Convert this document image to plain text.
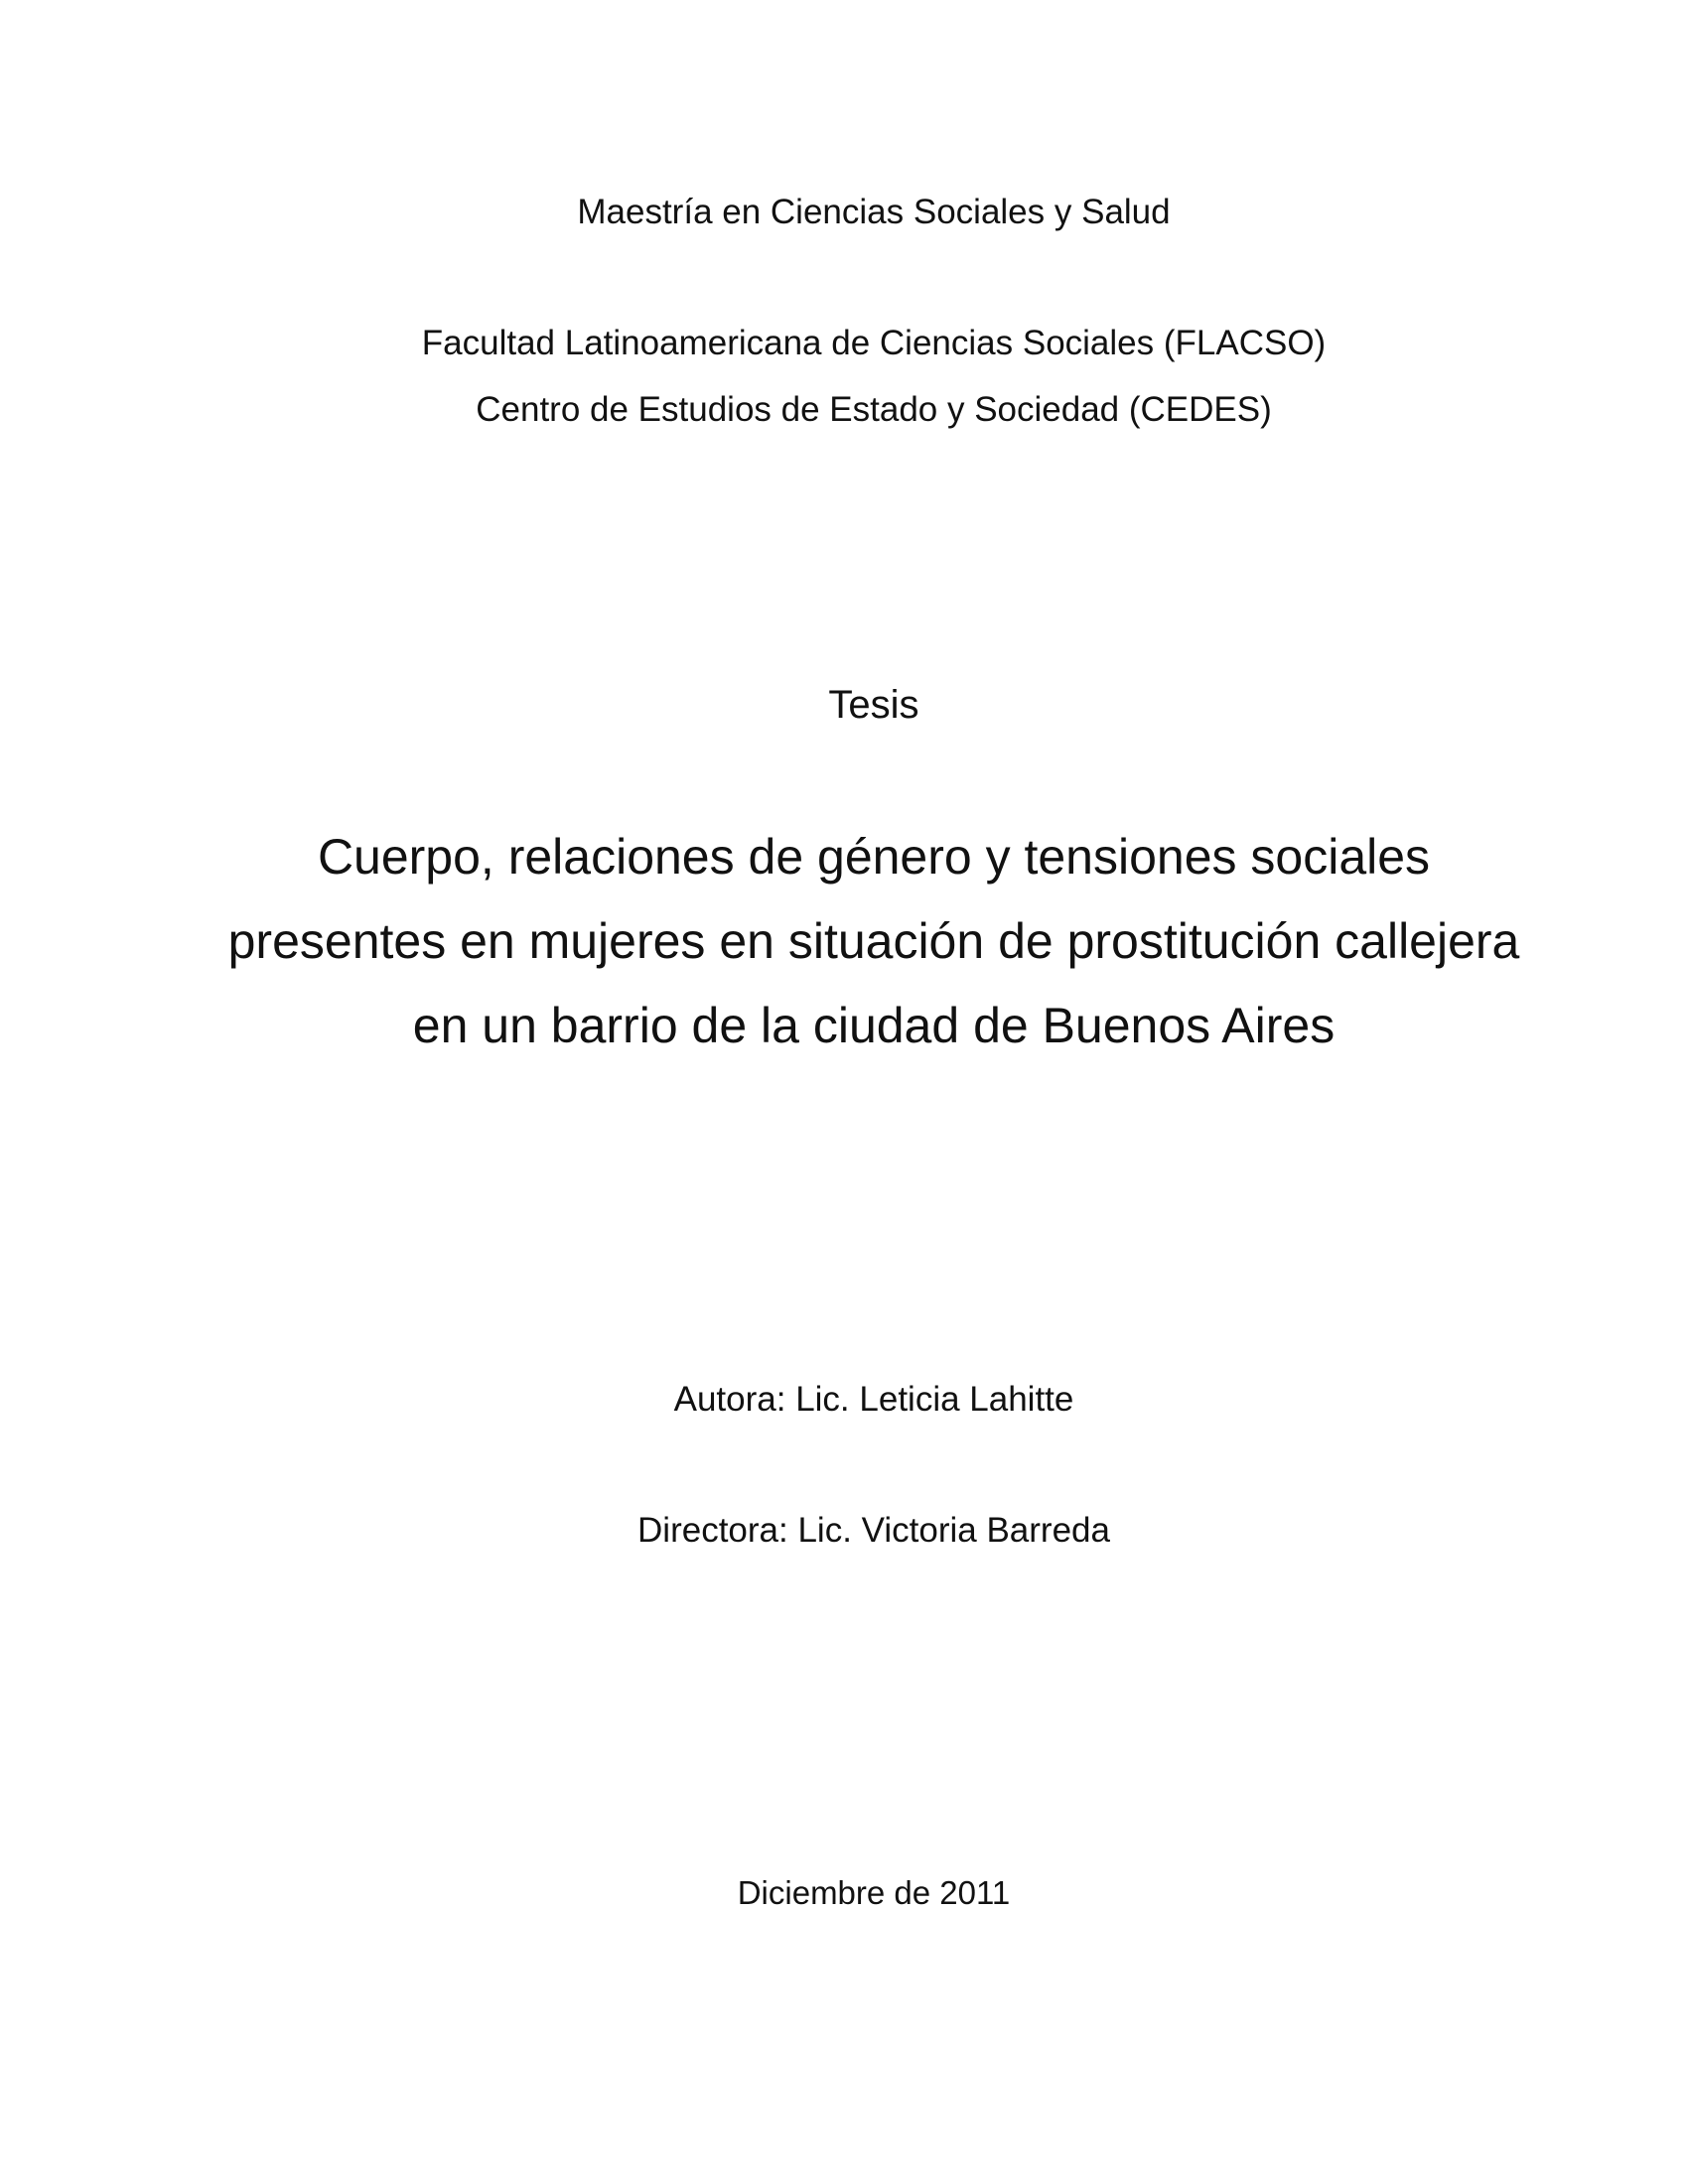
Maestría en Ciencias Sociales y Salud
Facultad Latinoamericana de Ciencias Sociales (FLACSO)
Centro de Estudios de Estado y Sociedad (CEDES)
Tesis
Cuerpo, relaciones de género y tensiones sociales
presentes en mujeres en situación de prostitución callejera
en un barrio de la ciudad de Buenos Aires
Autora: Lic. Leticia Lahitte
Directora: Lic. Victoria Barreda
Diciembre de 2011
